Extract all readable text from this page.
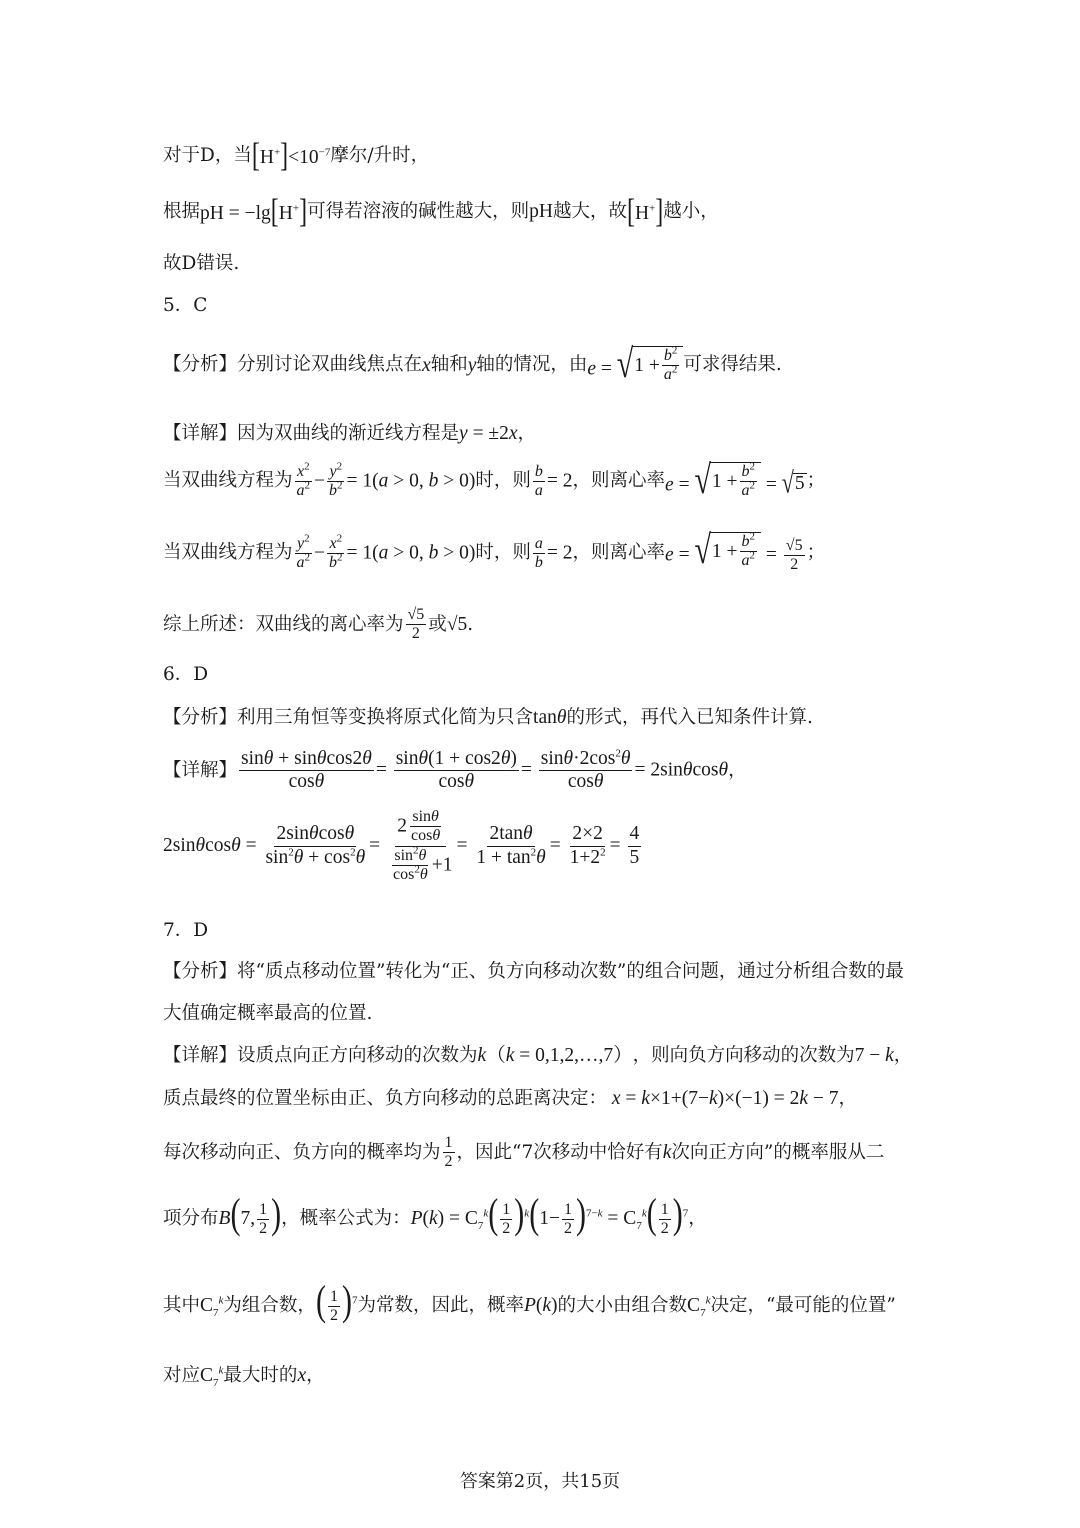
对于D，当 $[H^+]<10^{-7}$ 摩尔/升时，
根据 pH = −lg[H+] 可得若溶液的碱性越大，则 pH 越大，故 [H+] 越小，
故D错误.
5．C
【分析】 分别讨论双曲线焦点在 x 轴和 y 轴的情况，由 e = √ $1 + \frac{b^2}{a^2}$ 可求得结果.
【详解】 因为双曲线的渐近线方程是 y = ±2x ，
当双曲线方程为 $\frac{x^2}{a^2} - \frac{y^2}{b^2} = 1(a > 0$, b > 0) 时，则 $\frac{b}{a} = 2$ ，则离心率 e = √ $1 + \frac{b^2}{a^2}$ = √ 5 ；
当双曲线方程为 $\frac{y^2}{a^2} - \frac{x^2}{b^2} = 1(a > 0$, b > 0) 时，则 $\frac{a}{b} = 2$ ，则离心率 e = √ $1 + \frac{b^2}{a^2} = \frac{√5}{2}$ ；
综上所述：双曲线的离心率为 $\frac{√5}{2}$ 或 √5 .
6．D
【分析】 利用三角恒等变换将原式化简为只含 tanθ 的形式，再代入已知条件计算.
【详解】 $\frac{\sin\theta + \sin\theta\cos 2\theta}{\cos\theta} = \frac{\sin\theta(1 + \cos 2\theta)}{\cos\theta} = \frac{\sin\theta\cdot 2\cos^2\theta}{\cos\theta} = 2\sin\theta\cos\theta$ ，
$2\sin\theta\cos\theta = \frac{2\sin\theta\cos\theta}{\sin^2\theta + \cos^2\theta} = \frac{2 \frac{\sin\theta}{\cos\theta}}{\frac{\sin^2\theta}{\cos^2\theta} +1} = \frac{2\tan\theta}{1 + \tan^2\theta} = \frac{2\times 2}{1+2^2} = \frac{4}{5}$
7．D
【分析】 将“质点移动位置”转化为“正、负方向移动次数”的组合问题，通过分析组合数的最
大值确定概率最高的位置.
【详解】 设质点向正方向移动的次数为 k （k = 0,1,2,…,7） ，则向负方向移动的次数为 7 − k ，
质点最终的位置坐标由正、负方向移动的总距离决定： x = k×1+(7−k)×(−1) = 2k − 7 ，
每次移动向正、负方向的概率均为 $\frac{1}{2}$ ，因此“7次移动中恰好有 k 次向正方向”的概率服从二
项分布 B(7, $\frac{1}{2}$ ) ，概率公式为： $P(k) = C_7^k( \frac{1}{2} )^k(1- \frac{1}{2} )^{7-k} = C_7^k( \frac{1}{2} )^7$ ，
其中 $C_7^k$ 为组合数， ( $\frac{1}{2} )^7$ 为常数，因此，概率 P(k) 的大小由组合数 $C_7^k$ 决定，“最可能的位置”
对应 $C_7^k$ 最大时的 x ，
答案第2页，共15页
